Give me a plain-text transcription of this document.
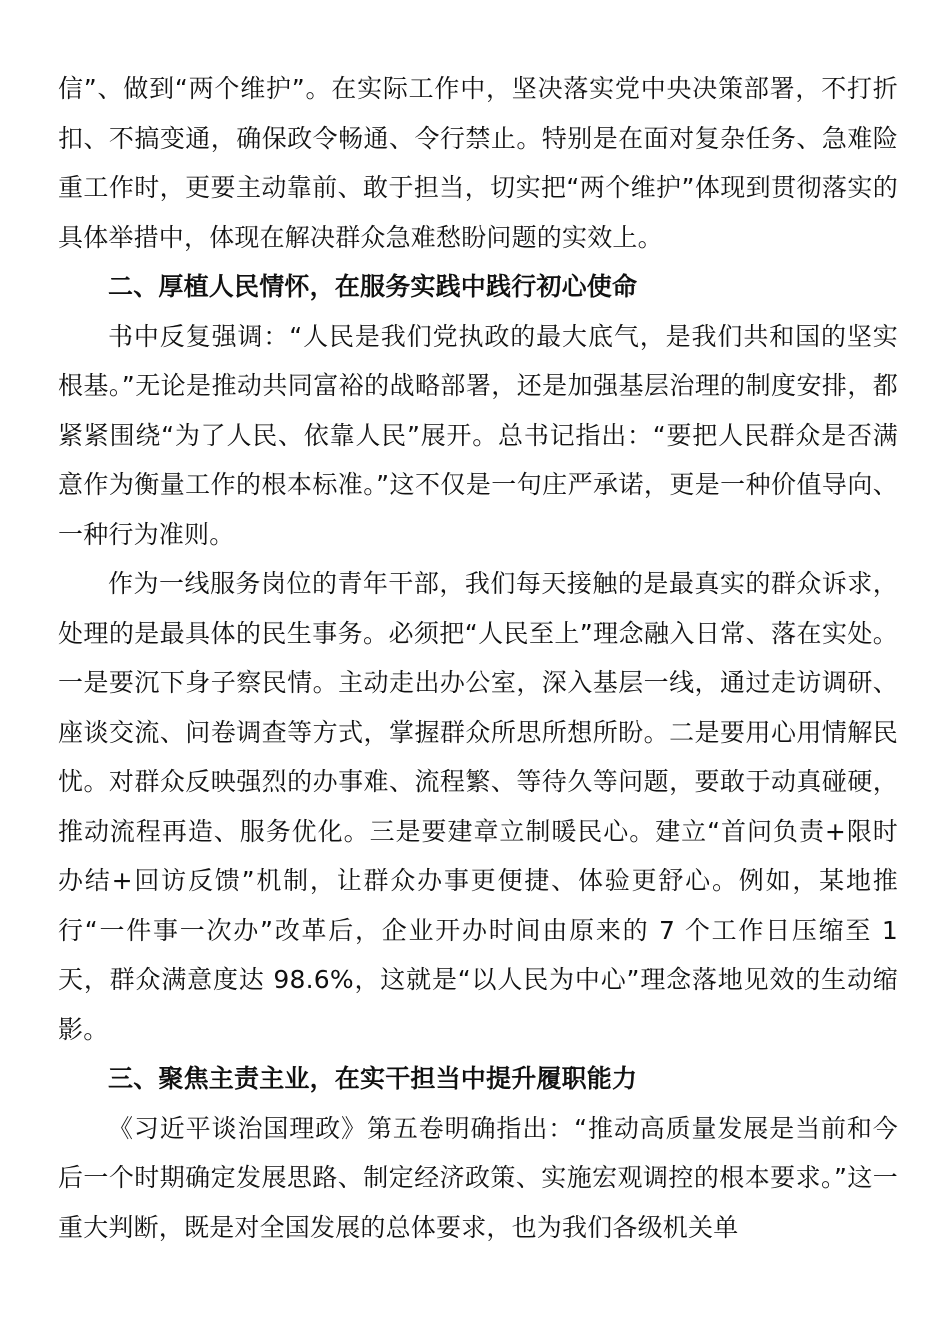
信”、做到“两个维护”。在实际工作中，坚决落实党中央决策部署，不打折扣、不搞变通，确保政令畅通、令行禁止。特别是在面对复杂任务、急难险重工作时，更要主动靠前、敢于担当，切实把“两个维护”体现到贯彻落实的具体举措中，体现在解决群众急难愁盼问题的实效上。

二、厚植人民情怀，在服务实践中践行初心使命

书中反复强调：“人民是我们党执政的最大底气，是我们共和国的坚实根基。”无论是推动共同富裕的战略部署，还是加强基层治理的制度安排，都紧紧围绕“为了人民、依靠人民”展开。总书记指出：“要把人民群众是否满意作为衡量工作的根本标准。”这不仅是一句庄严承诺，更是一种价值导向、一种行为准则。

作为一线服务岗位的青年干部，我们每天接触的是最真实的群众诉求，处理的是最具体的民生事务。必须把“人民至上”理念融入日常、落在实处。一是要沉下身子察民情。主动走出办公室，深入基层一线，通过走访调研、座谈交流、问卷调查等方式，掌握群众所思所想所盼。二是要用心用情解民忧。对群众反映强烈的办事难、流程繁、等待久等问题，要敢于动真碰硬，推动流程再造、服务优化。三是要建章立制暖民心。建立“首问负责+限时办结+回访反馈”机制，让群众办事更便捷、体验更舒心。例如，某地推行“一件事一次办”改革后，企业开办时间由原来的 7 个工作日压缩至 1 天，群众满意度达 98.6%，这就是“以人民为中心”理念落地见效的生动缩影。

三、聚焦主责主业，在实干担当中提升履职能力

《习近平谈治国理政》第五卷明确指出：“推动高质量发展是当前和今后一个时期确定发展思路、制定经济政策、实施宏观调控的根本要求。”这一重大判断，既是对全国发展的总体要求，也为我们各级机关单
